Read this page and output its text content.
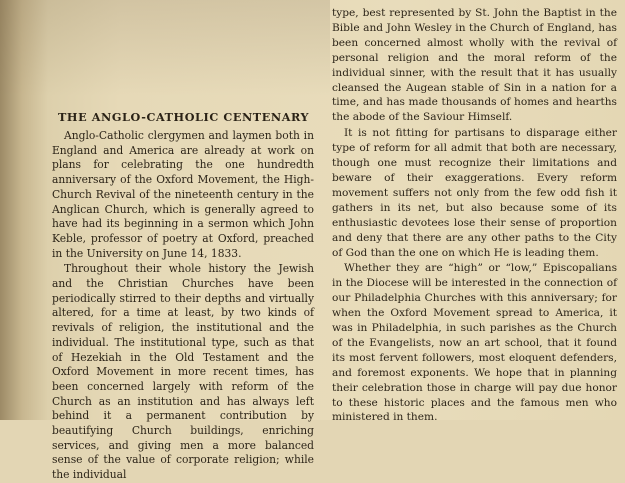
THE ANGLO-CATHOLIC CENTENARY

Anglo-Catholic clergymen and laymen both in England and America are already at work on plans for celebrating the one hundredth anniversary of the Oxford Movement, the High-Church Revival of the nineteenth century in the Anglican Church, which is generally agreed to have had its beginning in a sermon which John Keble, professor of poetry at Oxford, preached in the University on June 14, 1833.

Throughout their whole history the Jewish and the Christian Churches have been periodically stirred to their depths and virtually altered, for a time at least, by two kinds of revivals of religion, the institutional and the individual. The institutional type, such as that of Hezekiah in the Old Testament and the Oxford Movement in more recent times, has been concerned largely with reform of the Church as an institution and has always left behind it a permanent contribution by beautifying Church buildings, enriching services, and giving men a more balanced sense of the value of corporate religion; while the individual

type, best represented by St. John the Baptist in the Bible and John Wesley in the Church of England, has been concerned almost wholly with the revival of personal religion and the moral reform of the individual sinner, with the result that it has usually cleansed the Augean stable of Sin in a nation for a time, and has made thousands of homes and hearths the abode of the Saviour Himself.

It is not fitting for partisans to disparage either type of reform for all admit that both are necessary, though one must recognize their limitations and beware of their exaggerations. Every reform movement suffers not only from the few odd fish it gathers in its net, but also because some of its enthusiastic devotees lose their sense of proportion and deny that there are any other paths to the City of God than the one on which He is leading them.

Whether they are “high” or “low,” Episcopalians in the Diocese will be interested in the connection of our Philadelphia Churches with this anniversary; for when the Oxford Movement spread to America, it was in Philadelphia, in such parishes as the Church of the Evangelists, now an art school, that it found its most fervent followers, most eloquent defenders, and foremost exponents. We hope that in planning their celebration those in charge will pay due honor to these historic places and the famous men who ministered in them.
